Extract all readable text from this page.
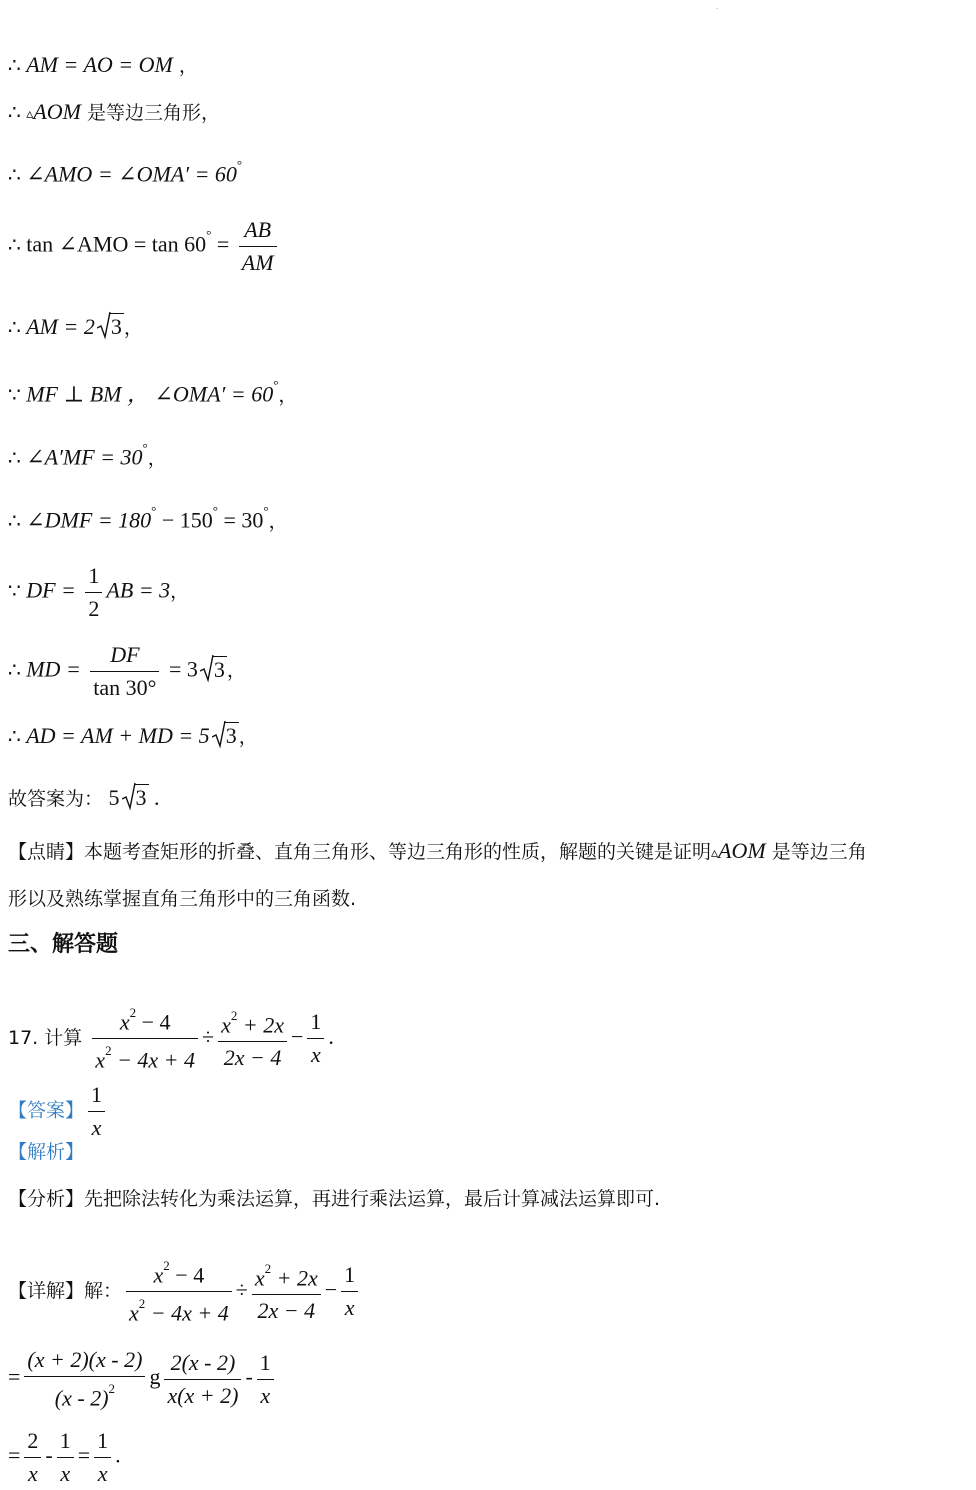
.
∴ AM = AO = OM ，
∴ ▵AOM 是等边三角形，
∴ ∠AMO = ∠OMA′ = 60°
∴ tan ∠AMO = $\tan 60^\circ = \frac{AB}{AM}$
∴ AM = 2 3 ，
∵ MF ⊥ BM ， ∠OMA′ = 60°，
∴ ∠A′MF = 30°，
∴ ∠DMF = 180° − 150° = 30°，
∵ DF = $\frac{1}{2}$ AB = 3，
∴ MD = $\frac{DF}{\tan 30^\circ} = 3$ 3 ，
∴ AD = AM + MD = 5 3 ，
故答案为： 5 3 .
【点睛】本题考查矩形的折叠、直角三角形、等边三角形的性质，解题的关键是证明▵AOM 是等边三角
形以及熟练掌握直角三角形中的三角函数.
三、解答题
17. 计算 $\frac{x^2 - 4}{x^2 - 4x + 4} \div \frac{x^2 + 2x}{2x - 4} - \frac{1}{x}$ .
【答案】 $\frac{1}{x}$
【解析】
【分析】先把除法转化为乘法运算，再进行乘法运算，最后计算减法运算即可.
【详解】解： $\frac{x^2 - 4}{x^2 - 4x + 4} \div \frac{x^2 + 2x}{2x - 4} - \frac{1}{x}$
= $\frac{(x + 2)(x - 2)}{(x - 2)^2}$ g $\frac{2(x - 2)}{x(x + 2)} - \frac{1}{x}$
= $\frac{2}{x} - \frac{1}{x} = \frac{1}{x}$ .
